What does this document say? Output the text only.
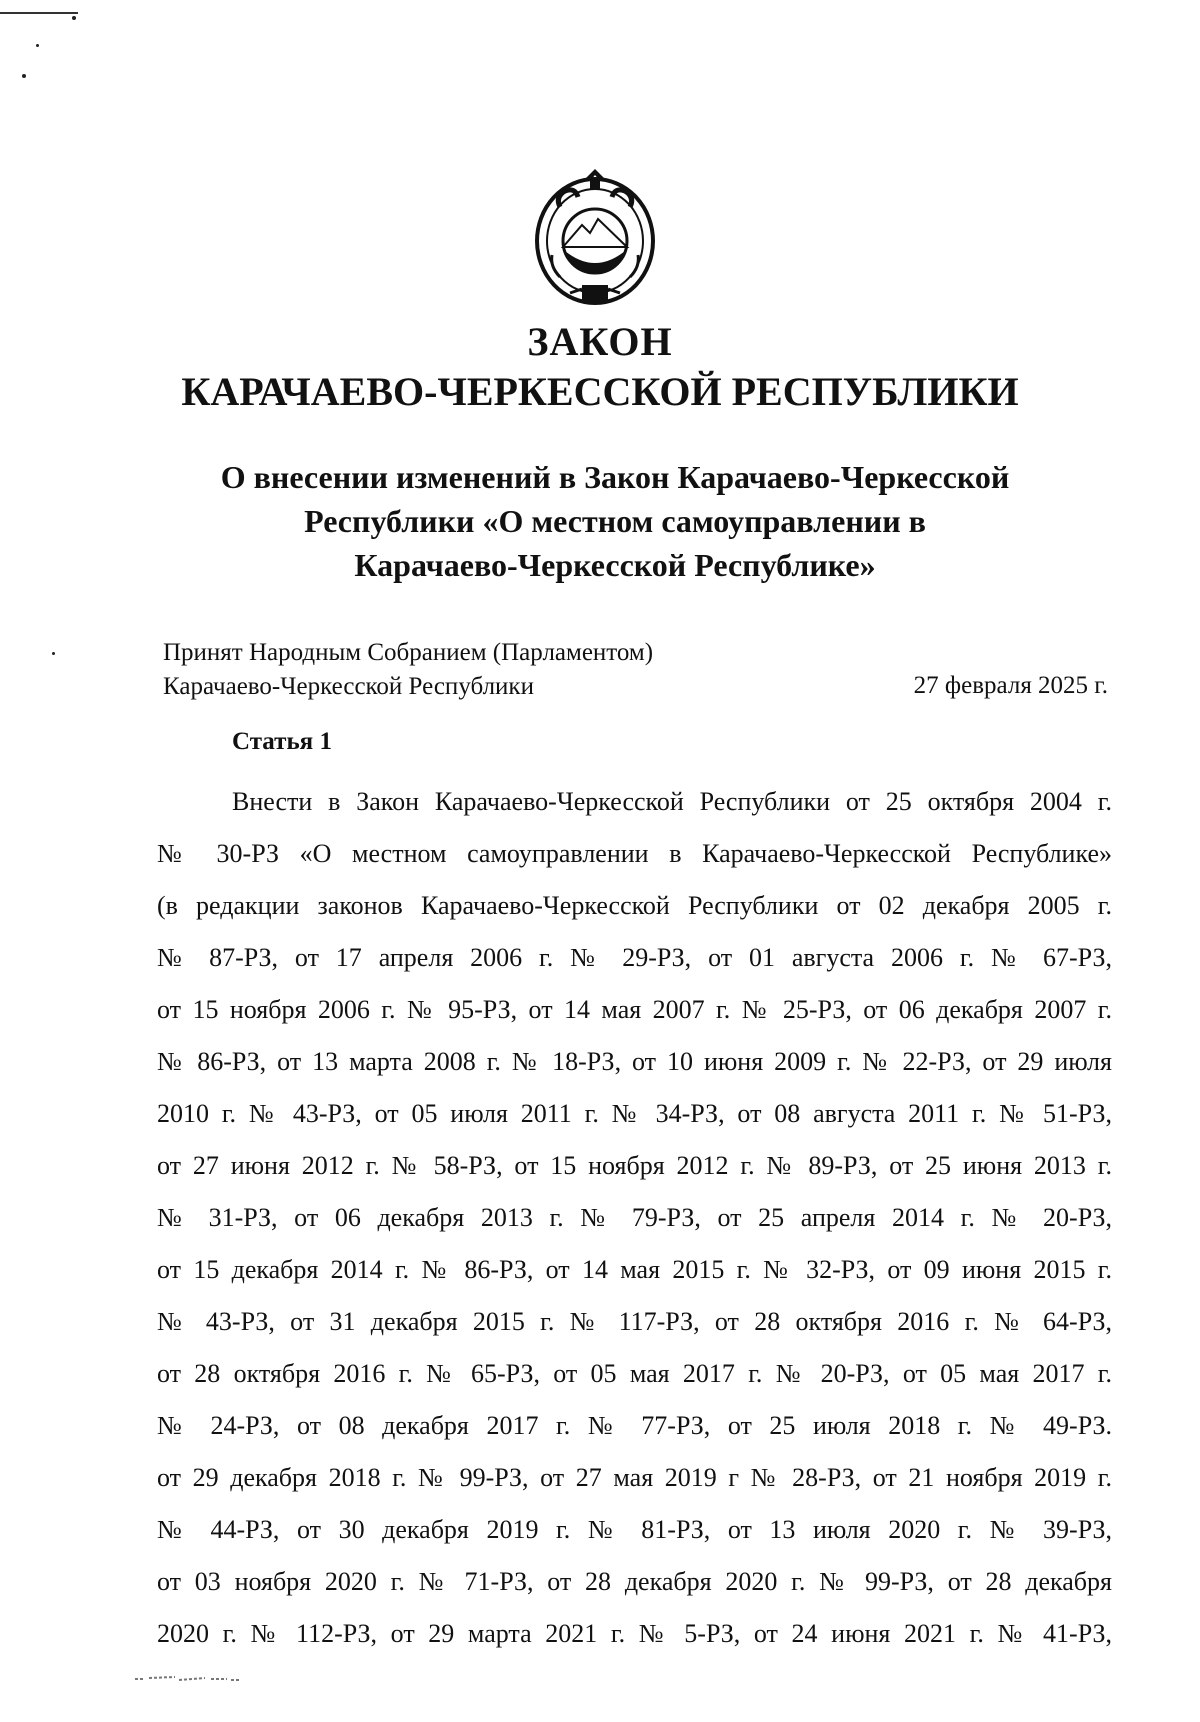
ЗАКОН
КАРАЧАЕВО-ЧЕРКЕССКОЙ РЕСПУБЛИКИ
О внесении изменений в Закон Карачаево-Черкесской
Республики «О местном самоуправлении в
Карачаево-Черкесской Республике»
Принят Народным Собранием (Парламентом)
Карачаево-Черкесской Республики	27 февраля 2025 г.
Статья 1
Внести в Закон Карачаево-Черкесской Республики от 25 октября 2004 г.
№ 30-РЗ «О местном самоуправлении в Карачаево-Черкесской Республике»
(в редакции законов Карачаево-Черкесской Республики от 02 декабря 2005 г.
№ 87-РЗ, от 17 апреля 2006 г. № 29-РЗ, от 01 августа 2006 г. № 67-РЗ,
от 15 ноября 2006 г. № 95-РЗ, от 14 мая 2007 г. № 25-РЗ, от 06 декабря 2007 г.
№ 86-РЗ, от 13 марта 2008 г. № 18-РЗ, от 10 июня 2009 г. № 22-РЗ, от 29 июля
2010 г. № 43-РЗ, от 05 июля 2011 г. № 34-РЗ, от 08 августа 2011 г. № 51-РЗ,
от 27 июня 2012 г. № 58-РЗ, от 15 ноября 2012 г. № 89-РЗ, от 25 июня 2013 г.
№ 31-РЗ, от 06 декабря 2013 г. № 79-РЗ, от 25 апреля 2014 г. № 20-РЗ,
от 15 декабря 2014 г. № 86-РЗ, от 14 мая 2015 г. № 32-РЗ, от 09 июня 2015 г.
№ 43-РЗ, от 31 декабря 2015 г. № 117-РЗ, от 28 октября 2016 г. № 64-РЗ,
от 28 октября 2016 г. № 65-РЗ, от 05 мая 2017 г. № 20-РЗ, от 05 мая 2017 г.
№ 24-РЗ, от 08 декабря 2017 г. № 77-РЗ, от 25 июля 2018 г. № 49-РЗ.
от 29 декабря 2018 г. № 99-РЗ, от 27 мая 2019 г № 28-РЗ, от 21 ноября 2019 г.
№ 44-РЗ, от 30 декабря 2019 г. № 81-РЗ, от 13 июля 2020 г. № 39-РЗ,
от 03 ноября 2020 г. № 71-РЗ, от 28 декабря 2020 г. № 99-РЗ, от 28 декабря
2020 г. № 112-РЗ, от 29 марта 2021 г. № 5-РЗ, от 24 июня 2021 г. № 41-РЗ,
